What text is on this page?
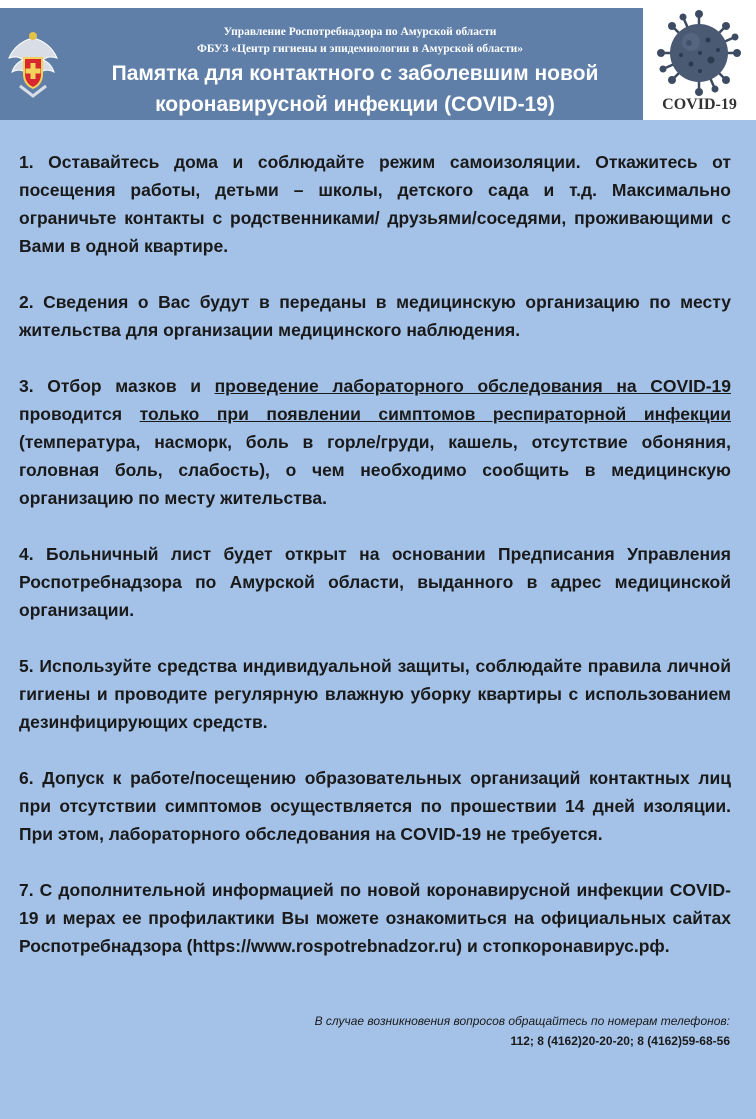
Управление Роспотребнадзора по Амурской области
ФБУЗ «Центр гигиены и эпидемиологии в Амурской области»
Памятка для контактного с заболевшим новой
коронавирусной инфекции (COVID-19)	COVID-19

1. Оставайтесь дома и соблюдайте режим самоизоляции. Откажитесь от посещения работы, детьми – школы, детского сада и т.д. Максимально ограничьте контакты с родственниками/ друзьями/соседями, проживающими с Вами в одной квартире.

2. Сведения о Вас будут в переданы в медицинскую организацию по месту жительства для организации медицинского наблюдения.

3. Отбор мазков и проведение лабораторного обследования на COVID-19 проводится только при появлении симптомов респираторной инфекции (температура, насморк, боль в горле/груди, кашель, отсутствие обоняния, головная боль, слабость), о чем необходимо сообщить в медицинскую организацию по месту жительства.

4. Больничный лист будет открыт на основании Предписания Управления Роспотребнадзора по Амурской области, выданного в адрес медицинской организации.

5. Используйте средства индивидуальной защиты, соблюдайте правила личной гигиены и проводите регулярную влажную уборку квартиры с использованием дезинфицирующих средств.

6. Допуск к работе/посещению образовательных организаций контактных лиц при отсутствии симптомов осуществляется по прошествии 14 дней изоляции. При этом, лабораторного обследования на COVID-19 не требуется.

7. С дополнительной информацией по новой коронавирусной инфекции COVID-19 и мерах ее профилактики Вы можете ознакомиться на официальных сайтах Роспотребнадзора (https://www.rospotrebnadzor.ru) и стопкоронавирус.рф.

В случае возникновения вопросов обращайтесь по номерам телефонов:
112; 8 (4162)20-20-20; 8 (4162)59-68-56
